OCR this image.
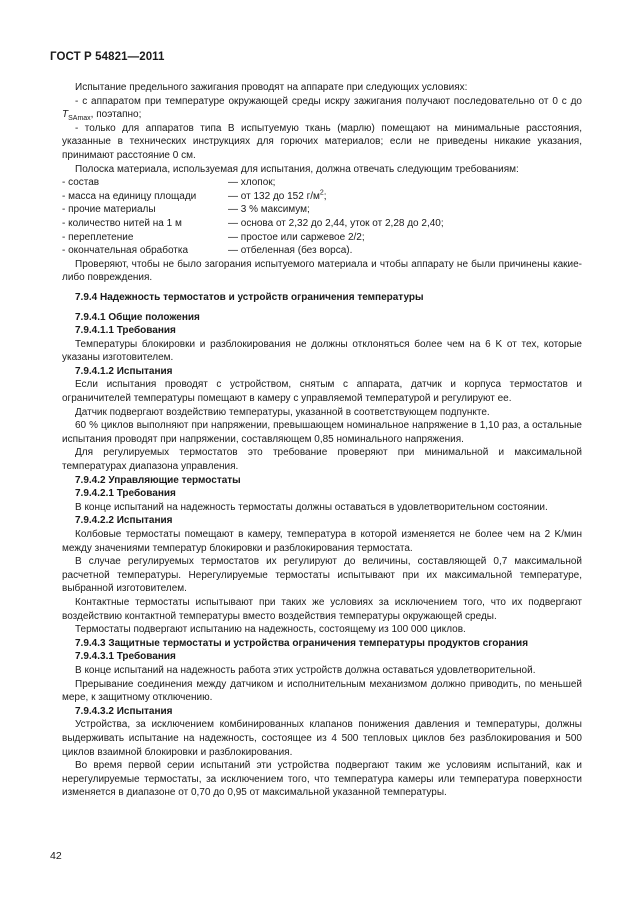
ГОСТ Р 54821—2011

Испытание предельного зажигания проводят на аппарате при следующих условиях:

- с аппаратом при температуре окружающей среды искру зажигания получают последовательно от 0 с до $T_{SAmax}$, поэтапно;

- только для аппаратов типа B испытуемую ткань (марлю) помещают на минимальные расстояния, указанные в технических инструкциях для горючих материалов; если не приведены никакие указания, принимают расстояние 0 см.

Полоска материала, используемая для испытания, должна отвечать следующим требованиям:

- состав	— хлопок;
- масса на единицу площади	— от 132 до 152 $г/м^2$;
- прочие материалы	— 3 % максимум;
- количество нитей на 1 м	— основа от 2,32 до 2,44, уток от 2,28 до 2,40;
- переплетение	— простое или саржевое 2/2;
- окончательная обработка	— отбеленная (без ворса).

Проверяют, чтобы не было загорания испытуемого материала и чтобы аппарату не были причинены какие-либо повреждения.

7.9.4 Надежность термостатов и устройств ограничения температуры

7.9.4.1 Общие положения

7.9.4.1.1 Требования

Температуры блокировки и разблокирования не должны отклоняться более чем на 6 K от тех, которые указаны изготовителем.

7.9.4.1.2 Испытания

Если испытания проводят с устройством, снятым с аппарата, датчик и корпуса термостатов и ограничителей температуры помещают в камеру с управляемой температурой и регулируют ее.

Датчик подвергают воздействию температуры, указанной в соответствующем подпункте.

60 % циклов выполняют при напряжении, превышающем номинальное напряжение в 1,10 раз, а остальные испытания проводят при напряжении, составляющем 0,85 номинального напряжения.

Для регулируемых термостатов это требование проверяют при минимальной и максимальной температурах диапазона управления.

7.9.4.2 Управляющие термостаты

7.9.4.2.1 Требования

В конце испытаний на надежность термостаты должны оставаться в удовлетворительном состоянии.

7.9.4.2.2 Испытания

Колбовые термостаты помещают в камеру, температура в которой изменяется не более чем на 2 K/мин между значениями температур блокировки и разблокирования термостата.

В случае регулируемых термостатов их регулируют до величины, составляющей 0,7 максимальной расчетной температуры. Нерегулируемые термостаты испытывают при их максимальной температуре, выбранной изготовителем.

Контактные термостаты испытывают при таких же условиях за исключением того, что их подвергают воздействию контактной температуры вместо воздействия температуры окружающей среды.

Термостаты подвергают испытанию на надежность, состоящему из 100 000 циклов.

7.9.4.3 Защитные термостаты и устройства ограничения температуры продуктов сгорания

7.9.4.3.1 Требования

В конце испытаний на надежность работа этих устройств должна оставаться удовлетворительной.

Прерывание соединения между датчиком и исполнительным механизмом должно приводить, по меньшей мере, к защитному отключению.

7.9.4.3.2 Испытания

Устройства, за исключением комбинированных клапанов понижения давления и температуры, должны выдерживать испытание на надежность, состоящее из 4 500 тепловых циклов без разблокирования и 500 циклов взаимной блокировки и разблокирования.

Во время первой серии испытаний эти устройства подвергают таким же условиям испытаний, как и нерегулируемые термостаты, за исключением того, что температура камеры или температура поверхности изменяется в диапазоне от 0,70 до 0,95 от максимальной указанной температуры.

42
